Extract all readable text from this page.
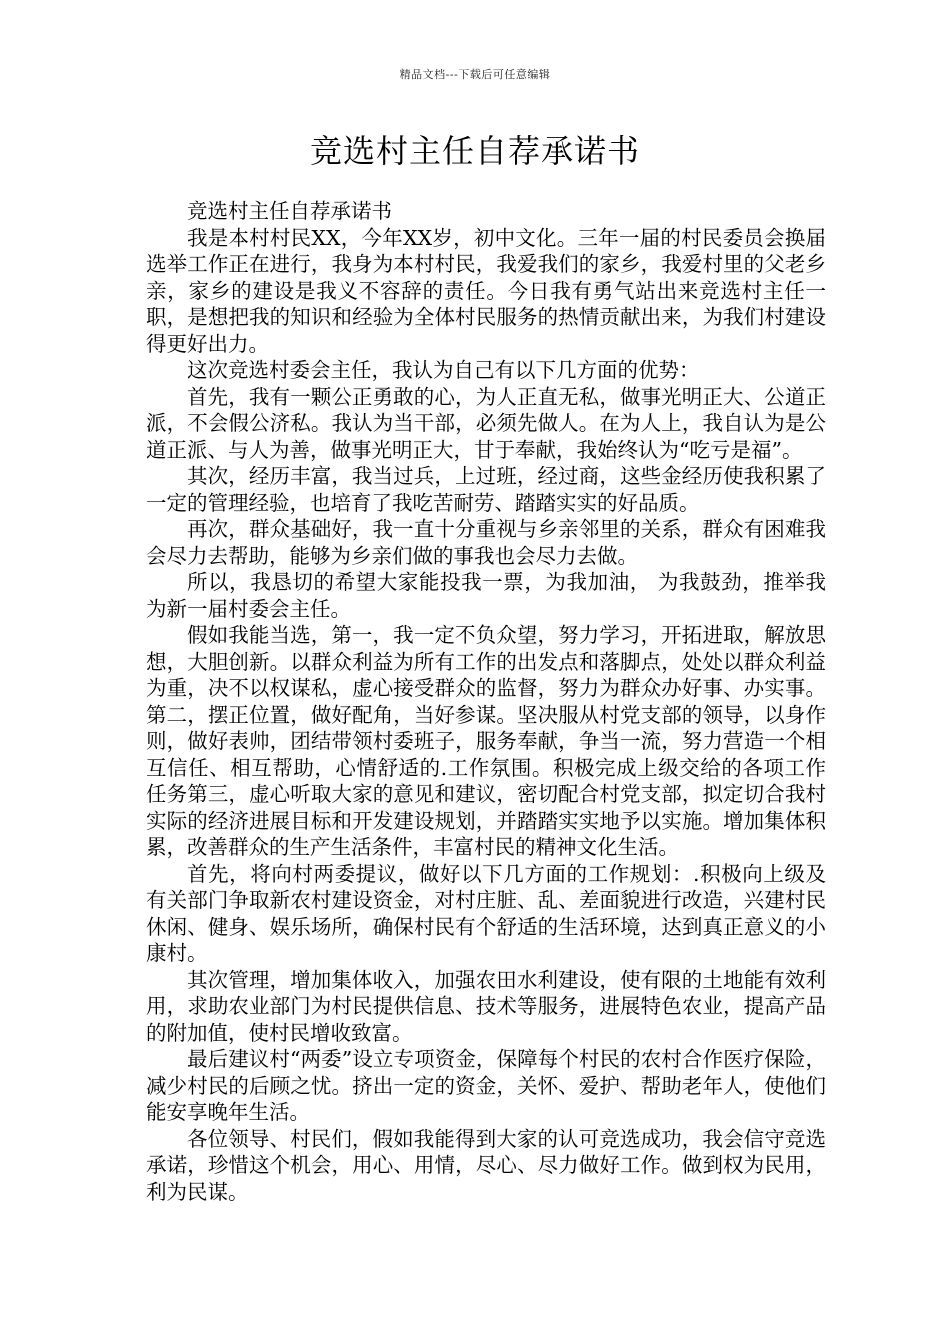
精品文档---下载后可任意编辑
竞选村主任自荐承诺书

竞选村主任自荐承诺书

我是本村村民XX，今年XX岁，初中文化。三年一届的村民委员会换届选举工作正在进行，我身为本村村民，我爱我们的家乡，我爱村里的父老乡亲，家乡的建设是我义不容辞的责任。今日我有勇气站出来竞选村主任一职，是想把我的知识和经验为全体村民服务的热情贡献出来，为我们村建设得更好出力。

这次竞选村委会主任，我认为自己有以下几方面的优势：

首先，我有一颗公正勇敢的心，为人正直无私，做事光明正大、公道正派，不会假公济私。我认为当干部，必须先做人。在为人上，我自认为是公道正派、与人为善，做事光明正大，甘于奉献，我始终认为“吃亏是福”。

其次，经历丰富，我当过兵，上过班，经过商，这些金经历使我积累了一定的管理经验，也培育了我吃苦耐劳、踏踏实实的好品质。

再次，群众基础好，我一直十分重视与乡亲邻里的关系，群众有困难我会尽力去帮助，能够为乡亲们做的事我也会尽力去做。

所以，我恳切的希望大家能投我一票，为我加油， 为我鼓劲，推举我为新一届村委会主任。

假如我能当选，第一，我一定不负众望，努力学习，开拓进取，解放思想，大胆创新。以群众利益为所有工作的出发点和落脚点，处处以群众利益为重，决不以权谋私，虚心接受群众的监督，努力为群众办好事、办实事。第二，摆正位置，做好配角，当好参谋。坚决服从村党支部的领导，以身作则，做好表帅，团结带领村委班子，服务奉献，争当一流，努力营造一个相互信任、相互帮助，心情舒适的.工作氛围。积极完成上级交给的各项工作任务第三，虚心听取大家的意见和建议，密切配合村党支部，拟定切合我村实际的经济进展目标和开发建设规划，并踏踏实实地予以实施。增加集体积累，改善群众的生产生活条件，丰富村民的精神文化生活。

首先，将向村两委提议，做好以下几方面的工作规划：.积极向上级及有关部门争取新农村建设资金，对村庄脏、乱、差面貌进行改造，兴建村民休闲、健身、娱乐场所，确保村民有个舒适的生活环境，达到真正意义的小康村。

其次管理，增加集体收入，加强农田水利建设，使有限的土地能有效利用，求助农业部门为村民提供信息、技术等服务，进展特色农业，提高产品的附加值，使村民增收致富。

最后建议村“两委”设立专项资金，保障每个村民的农村合作医疗保险，减少村民的后顾之忧。挤出一定的资金，关怀、爱护、帮助老年人，使他们能安享晚年生活。

各位领导、村民们，假如我能得到大家的认可竞选成功，我会信守竞选承诺，珍惜这个机会，用心、用情，尽心、尽力做好工作。做到权为民用，利为民谋。
